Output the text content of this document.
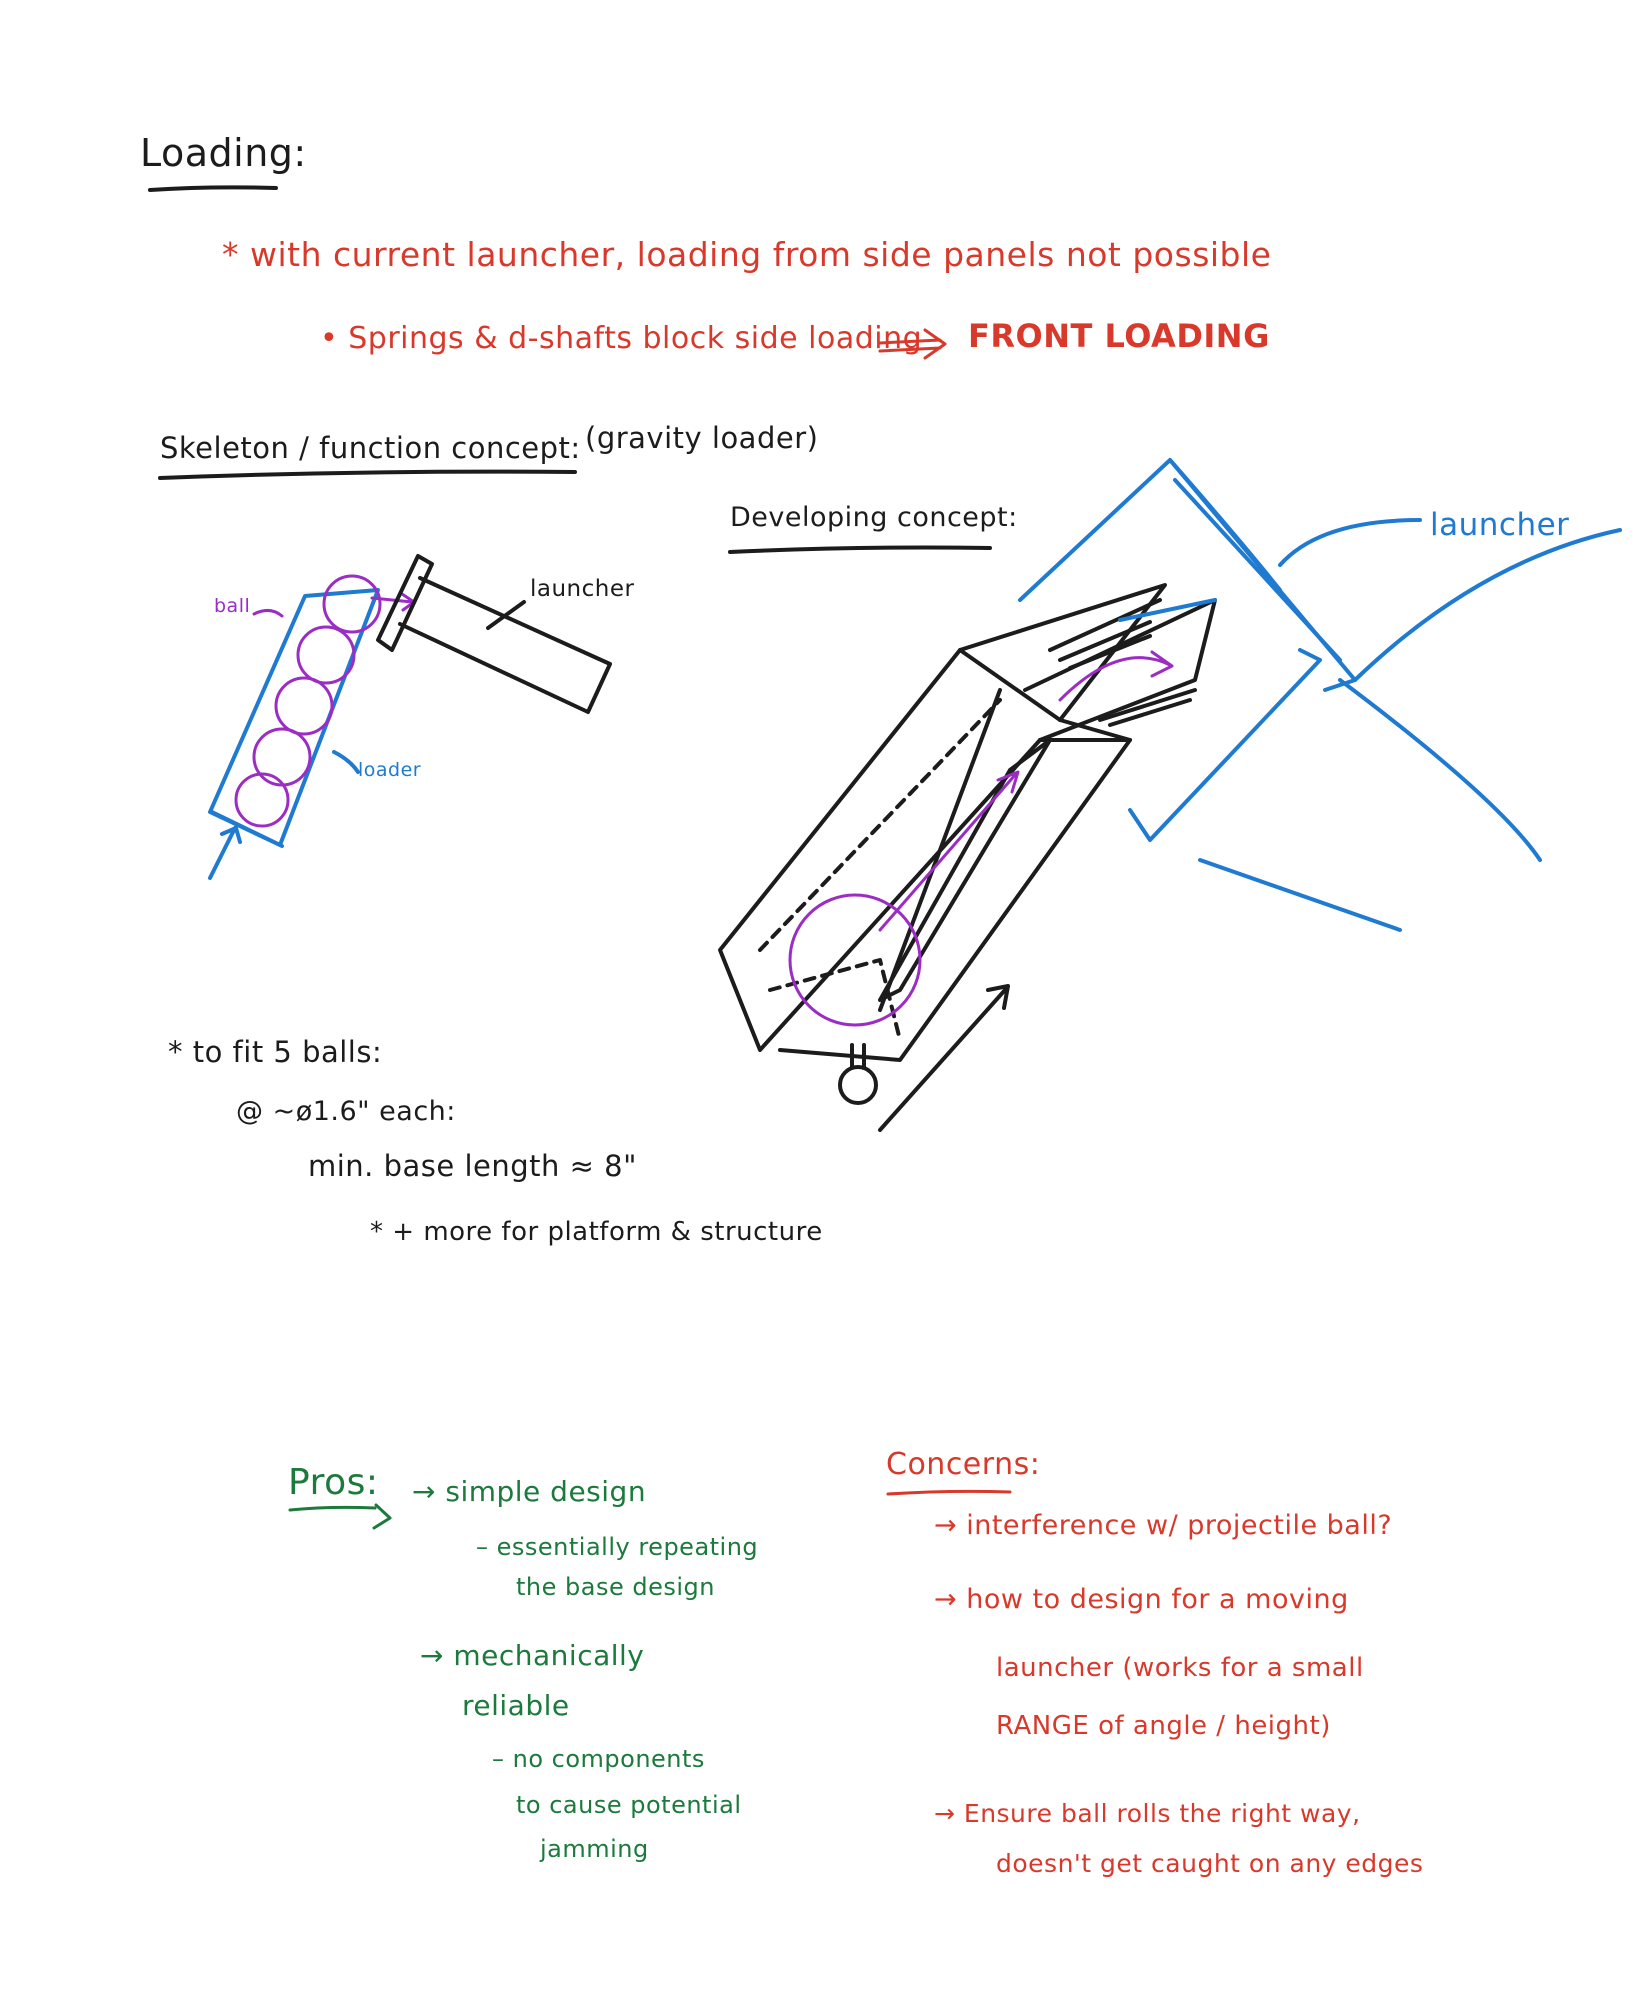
Loading:
* with current launcher, loading from side panels not possible
• Springs & d-shafts block side loading FRONT LOADING
Skeleton / function concept: (gravity loader)
ball
launcher
loader
Developing concept:	launcher
* to fit 5 balls:
@ ~ø1.6" each:
min. base length ≈ 8"
* + more for platform & structure
Pros: → simple design
– essentially repeating
the base design
→ mechanically
reliable
– no components
to cause potential
jamming
Concerns:
→ interference w/ projectile ball?
→ how to design for a moving
launcher (works for a small
RANGE of angle / height)
→ Ensure ball rolls the right way,
doesn't get caught on any edges
